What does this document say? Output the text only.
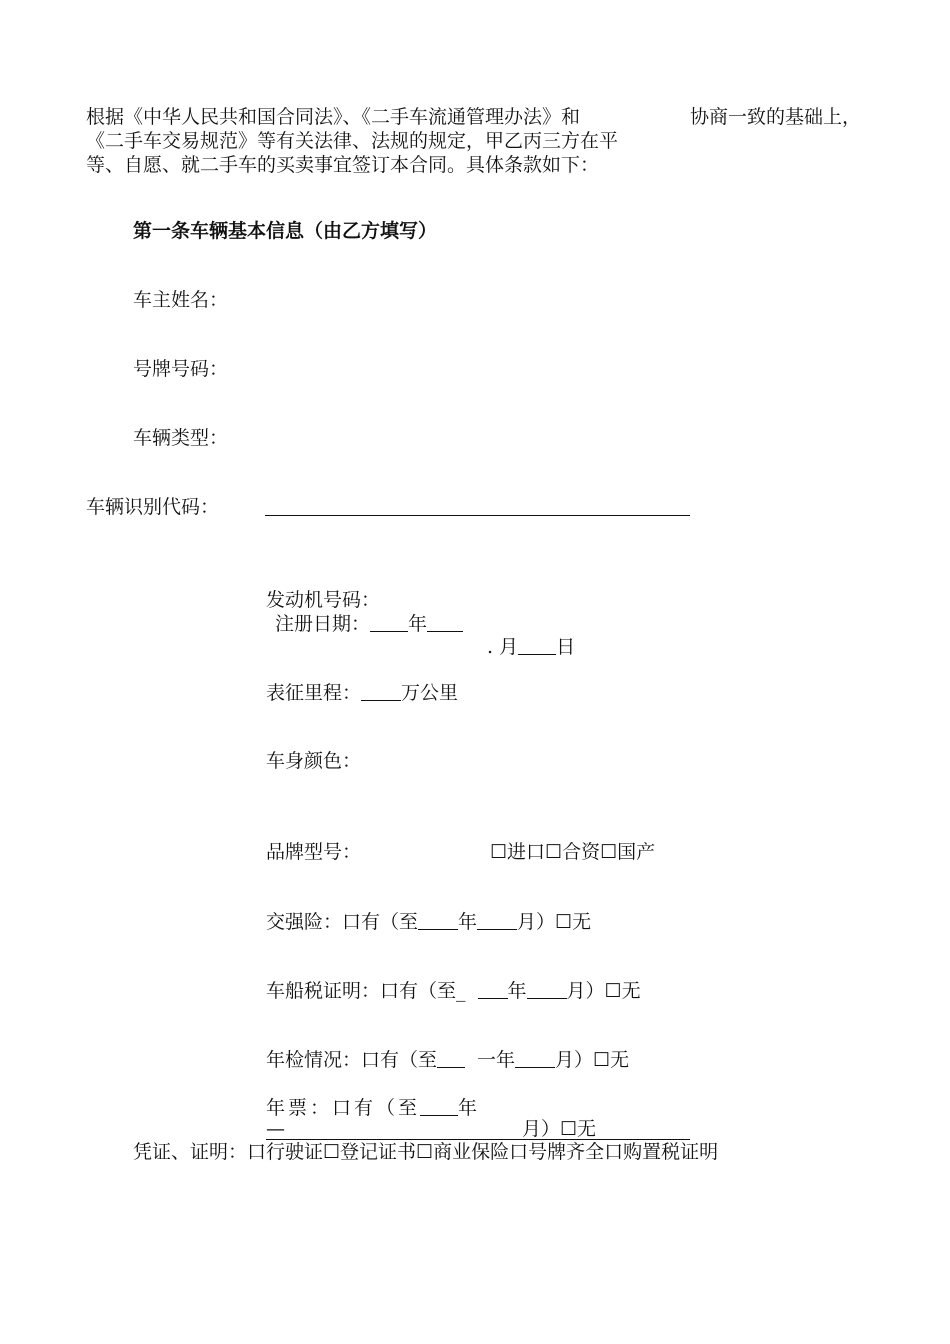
根据《中华人民共和国合同法》、《二手车流通管理办法》和	协商一致的基础上，
《二手车交易规范》等有关法律、法规的规定，甲乙丙三方在平
等、自愿、就二手车的买卖事宜签订本合同。具体条款如下：
第一条车辆基本信息（由乙方填写）
车主姓名：
号牌号码：
车辆类型：
车辆识别代码：
发动机号码：
注册日期： 年
. 月 日
表征里程： 万公里
车身颜色：
品牌型号：	☐进口☐合资☐国产
交强险：口有（至 年 月）☐无
车船税证明：口有（至_ 年 月）☐无
年检情况：口有（至 一年 月）☐无
年票：口有（至 年
—	月）☐无
凭证、证明：口行驶证☐登记证书☐商业保险口号牌齐全口购置税证明
